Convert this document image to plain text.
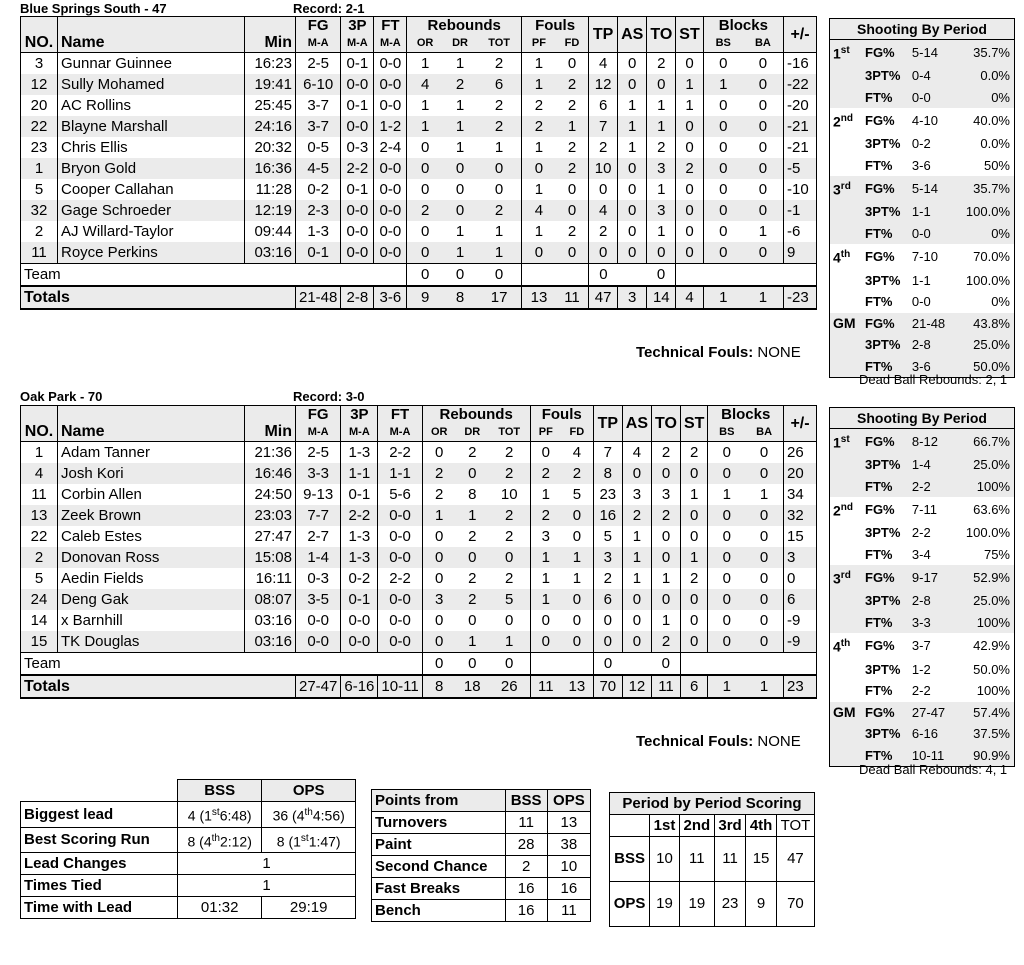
Blue Springs South - 47	Record: 2-1
			FG	3P	FT	Rebounds			Fouls		TP	AS	TO	ST	Blocks		+/-
NO.	Name	Min	M-A	M-A	M-A	OR	DR	TOT	PF	FD					BS	BA	
3	Gunnar Guinnee	16:23	2-5	0-1	0-0	1	1	2	1	0	4	0	2	0	0	0	-16
12	Sully Mohamed	19:41	6-10	0-0	0-0	4	2	6	1	2	12	0	0	1	1	0	-22
20	AC Rollins	25:45	3-7	0-1	0-0	1	1	2	2	2	6	1	1	1	0	0	-20
22	Blayne Marshall	24:16	3-7	0-0	1-2	1	1	2	2	1	7	1	1	0	0	0	-21
23	Chris Ellis	20:32	0-5	0-3	2-4	0	1	1	1	2	2	1	2	0	0	0	-21
1	Bryon Gold	16:36	4-5	2-2	0-0	0	0	0	0	2	10	0	3	2	0	0	-5
5	Cooper Callahan	11:28	0-2	0-1	0-0	0	0	0	1	0	0	0	1	0	0	0	-10
32	Gage Schroeder	12:19	2-3	0-0	0-0	2	0	2	4	0	4	0	3	0	0	0	-1
2	AJ Willard-Taylor	09:44	1-3	0-0	0-0	0	1	1	1	2	2	0	1	0	0	1	-6
11	Royce Perkins	03:16	0-1	0-0	0-0	0	1	1	0	0	0	0	0	0	0	0	9
Team						0	0	0			0		0				
Totals			21-48	2-8	3-6	9	8	17	13	11	47	3	14	4	1	1	-23
Shooting By Period			
1st	FG%	5-14	35.7%
	3PT%	0-4	0.0%
	FT%	0-0	0%
2nd	FG%	4-10	40.0%
	3PT%	0-2	0.0%
	FT%	3-6	50%
3rd	FG%	5-14	35.7%
	3PT%	1-1	100.0%
	FT%	0-0	0%
4th	FG%	7-10	70.0%
	3PT%	1-1	100.0%
	FT%	0-0	0%
GM	FG%	21-48	43.8%
	3PT%	2-8	25.0%
	FT%	3-6	50.0%
Technical Fouls: NONE
Dead Ball Rebounds: 2, 1
Oak Park - 70	Record: 3-0
			FG	3P	FT	Rebounds			Fouls		TP	AS	TO	ST	Blocks		+/-
NO.	Name	Min	M-A	M-A	M-A	OR	DR	TOT	PF	FD					BS	BA	
1	Adam Tanner	21:36	2-5	1-3	2-2	0	2	2	0	4	7	4	2	2	0	0	26
4	Josh Kori	16:46	3-3	1-1	1-1	2	0	2	2	2	8	0	0	0	0	0	20
11	Corbin Allen	24:50	9-13	0-1	5-6	2	8	10	1	5	23	3	3	1	1	1	34
13	Zeek Brown	23:03	7-7	2-2	0-0	1	1	2	2	0	16	2	2	0	0	0	32
22	Caleb Estes	27:47	2-7	1-3	0-0	0	2	2	3	0	5	1	0	0	0	0	15
2	Donovan Ross	15:08	1-4	1-3	0-0	0	0	0	1	1	3	1	0	1	0	0	3
5	Aedin Fields	16:11	0-3	0-2	2-2	0	2	2	1	1	2	1	1	2	0	0	0
24	Deng Gak	08:07	3-5	0-1	0-0	3	2	5	1	0	6	0	0	0	0	0	6
14	x Barnhill	03:16	0-0	0-0	0-0	0	0	0	0	0	0	0	1	0	0	0	-9
15	TK Douglas	03:16	0-0	0-0	0-0	0	1	1	0	0	0	0	2	0	0	0	-9
Team						0	0	0			0		0				
Totals			27-47	6-16	10-11	8	18	26	11	13	70	12	11	6	1	1	23
Shooting By Period			
1st	FG%	8-12	66.7%
	3PT%	1-4	25.0%
	FT%	2-2	100%
2nd	FG%	7-11	63.6%
	3PT%	2-2	100.0%
	FT%	3-4	75%
3rd	FG%	9-17	52.9%
	3PT%	2-8	25.0%
	FT%	3-3	100%
4th	FG%	3-7	42.9%
	3PT%	1-2	50.0%
	FT%	2-2	100%
GM	FG%	27-47	57.4%
	3PT%	6-16	37.5%
	FT%	10-11	90.9%
Technical Fouls: NONE
Dead Ball Rebounds: 4, 1
	BSS	OPS
Biggest lead	4 (1st6:48)	36 (4th4:56)
Best Scoring Run	8 (4th2:12)	8 (1st1:47)
Lead Changes	1	
Times Tied	1	
Time with Lead	01:32	29:19
Points from	BSS	OPS
Turnovers	11	13
Paint	28	38
Second Chance	2	10
Fast Breaks	16	16
Bench	16	11
Period by Period Scoring					
	1st	2nd	3rd	4th	TOT
BSS	10	11	11	15	47
OPS	19	19	23	9	70
